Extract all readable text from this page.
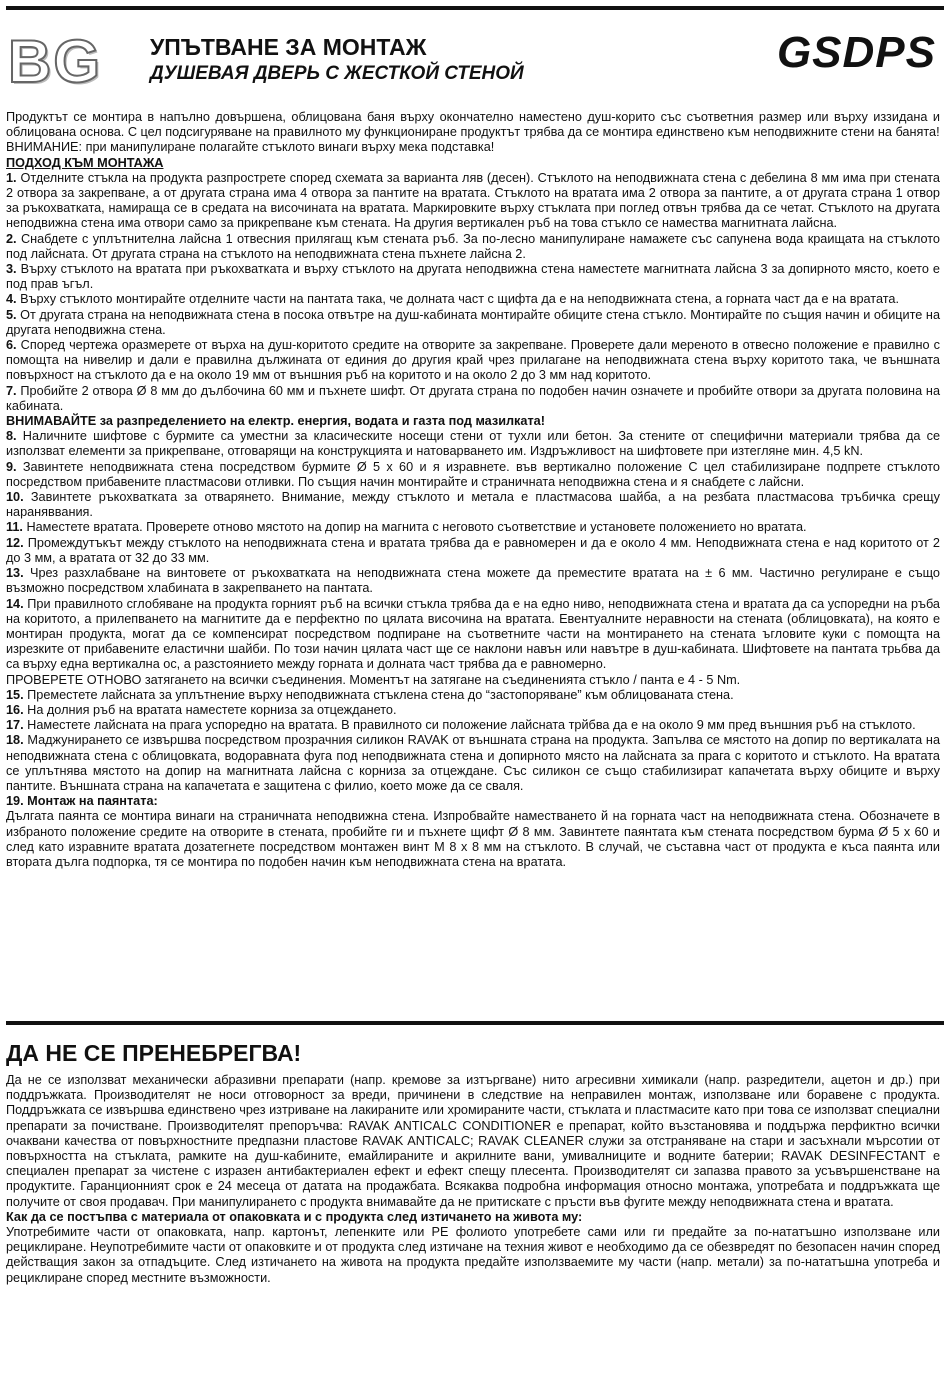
BG УПЪТВАНЕ ЗА МОНТАЖ
ДУШЕВАЯ ДВЕРЬ С ЖЕСТКОЙ СТЕНОЙ	GSDPS

Продуктът се монтира в напълно довършена, облицована баня върху окончателно наместено душ-корито със съответния размер или върху иззидана и облицована основа. С цел подсигуряване на правилното му функциониране продуктът трябва да се монтира единствено към неподвижните стени на банята!

ВНИМАНИЕ: при манипулиране полагайте стъклото винаги върху мека подставка!

ПОДХОД КЪМ МОНТАЖА

1. Отделните стъкла на продукта разпрострете според схемата за варианта ляв (десен). Стъклото на неподвижната стена с дебелина 8 мм има при стената 2 отвора за закрепване, а от другата страна има 4 отвора за пантите на вратата. Стъклото на вратата има 2 отвора за пантите, а от другата страна 1 отвор за ръкохватката, намираща се в средата на височината на вратата. Маркировките върху стъклата при поглед отвън трябва да се четат. Стъклото на другата неподвижна стена има отвори само за прикрепване към стената. На другия вертикален ръб на това стъкло се намества магнитната лайсна.

2. Снабдете с уплътнителна лайсна 1 отвесния прилягащ към стената ръб. За по-лесно манипулиране намажете със сапунена вода краищата на стъклото под лайсната. От другата страна на стъклото на неподвижната стена пъхнете лайсна 2.

3. Върху стъклото на вратата при ръкохватката и върху стъклото на другата неподвижна стена наместете магнитната лайсна 3 за допирното място, което е под прав ъгъл.

4. Върху стъклото монтирайте отделните части на пантата така, че долната част с щифта да е на неподвижната стена, а горната част да е на вратата.

5. От другата страна на неподвижната стена в посока отвътре на душ-кабината монтирайте обиците стена стъкло. Монтирайте по същия начин и обиците на другата неподвижна стена.

6. Според чертежа оразмерете от върха на душ-коритото средите на отворите за закрепване. Проверете дали мереното в отвесно положение е правилно с помощта на нивелир и дали е правилна дължината от единия до другия край чрез прилагане на неподвижната стена върху коритото така, че външната повърхност на стъклото да е на около 19 мм от външния ръб на коритото и на около 2 до 3 мм над коритото.

7. Пробийте 2 отвора Ø 8 мм до дълбочина 60 мм и пъхнете шифт. От другата страна по подобен начин означете и пробийте отвори за другата половина на кабината.

ВНИМАВАЙТЕ за разпределението на електр. енергия, водата и газта под мазилката!

8. Наличните шифтове с бурмите са уместни за класическите носещи стени от тухли или бетон. За стените от специфични материали трябва да се използват елементи за прикрепване, отговарящи на конструкцията и натоварването им. Издръжливост на шифтовете при изтегляне мин. 4,5 kN.

9. Завинтете неподвижната стена посредством бурмите Ø 5 x 60 и я изравнете. във вертикално положение С цел стабилизиране подпрете стъклото посредством прибавените пластмасови отливки. По същия начин монтирайте и страничната неподвижна стена и я снабдете с лайсни.

10. Завинтете ръкохватката за отварянето. Внимание, между стъклото и метала е пластмасова шайба, а на резбата пластмасова тръбичка срещу нараняввания.

11. Наместете вратата. Проверете отново мястото на допир на магнита с неговото съответствие и установете положението но вратата.

12. Промеждутъкът между стъклото на неподвижната стена и вратата трябва да е равномерен и да е около 4 мм. Неподвижната стена е над коритото от 2 до 3 мм, а вратата от 32 до 33 мм.

13. Чрез разхлабване на винтовете от ръкохватката на неподвижната стена можете да преместите вратата на ± 6 мм. Частично регулиране е също възможно посредством хлабината в закрепването на пантата.

14. При правилното сглобяване на продукта горният ръб на всички стъкла трябва да е на едно ниво, неподвижната стена и вратата да са успоредни на ръба на коритото, а прилепването на магнитите да е перфектно по цялата височина на вратата. Евентуалните неравности на стената (облицовката), на която е монтиран продукта, могат да се компенсират посредством подпиране на съответните части на монтирането на стената ъгловите куки с помощта на изрезките от прибавените еластични шайби. По този начин цялата част ще се наклони навън или навътре в душ-кабината. Шифтовете на пантата трьбва да са върху една вертикална ос, а разстоянието между горната и долната част трябва да е равномерно.

ПРОВЕРЕТЕ ОТНОВО затягането на всички съединения. Моментът на затягане на съединенията стъкло / панта е 4 - 5 Nm.

15. Преместете лайсната за уплътнение върху неподвижната стъклена стена до “застопоряване” към облицованата стена.

16. На долния ръб на вратата наместете корниза за отцеждането.

17. Наместете лайсната на прага успоредно на вратата. В правилното си положение лайсната трйбва да е на около 9 мм пред външния ръб на стъклото.

18. Маджунирането се извършва посредством прозрачния силикон RAVAK от външната страна на продукта. Запълва се мястото на допир по вертикалата на неподвижната стена с облицовката, водоравната фуга под неподвижната стена и допирното място на лайсната за прага с коритото и стъклото. На вратата се уплътнява мястото на допир на магнитната лайсна с корниза за отцеждане. Със силикон се също стабилизират капачетата върху обиците и върху пантите. Външната страна на капачетата е защитена с филио, което може да се сваля.

19. Монтаж на паянтата:

Дългата паянта се монтира винаги на страничната неподвижна стена. Изпробвайте наместването й на горната част на неподвижната стена. Обозначете в избраното положение средите на отворите в стената, пробийте ги и пъхнете щифт Ø 8 мм. Завинтете паянтата към стената посредством бурма Ø 5 x 60 и след като изравните вратата дозатегнете посредством монтажен винт М 8 х 8 мм на стъклото. В случай, че съставна част от продукта е къса паянта или втората дълга подпорка, тя се монтира по подобен начин към неподвижната стена на вратата.

ДА НЕ СЕ ПРЕНЕБРЕГВА!

Да не се използват механически абразивни препарати (напр. кремове за изтъргване) нито агресивни химикали (напр. разредители, ацетон и др.) при поддръжката. Производителят не носи отговорност за вреди, причинени в следствие на неправилен монтаж, използване или боравене с продукта. Поддръжката се извършва единствено чрез изтриване на лакираните или хромираните части, стъклата и пластмасите като при това се използват специални препарати за почистване. Производителят препоръчва: RAVAK ANTICALC CONDITIONER е препарат, който възстановява и поддържа перфиктно всички очаквани качества от повърхностните предпазни пластове RAVAK ANTICALC; RAVAK CLEANER служи за отстраняване на стари и засъхнали мърсотии от повърхността на стъклата, рамките на душ-кабините, емайлираните и акрилните вани, умивалниците и водните батерии; RAVAK DESINFECTANT е специален препарат за чистене с изразен антибактериален ефект и ефект спещу плесента. Производителят си запазва правото за усъвършенстване на продуктите. Гаранционният срок е 24 месеца от датата на продажбата. Всякаква подробна информация относно монтажа, употребата и поддръжката ще получите от своя продавач. При манипулирането с продукта внимавайте да не притискате с пръсти във фугите между неподвижната стена и вратата.

Как да се постъпва с материала от опаковката и с продукта след изтичането на живота му:

Употребимите части от опаковката, напр. картонът, лепенките или PE фолиото употребете сами или ги предайте за по-нататъшно използване или рециклиране. Неупотребимите части от опаковките и от продукта след изтичане на техния живот е необходимо да се обезвредят по безопасен начин според действащия закон за отпадъците. След изтичането на живота на продукта предайте използваемите му части (напр. метали) за по-нататъшна употреба и рециклиране според местните възможности.
